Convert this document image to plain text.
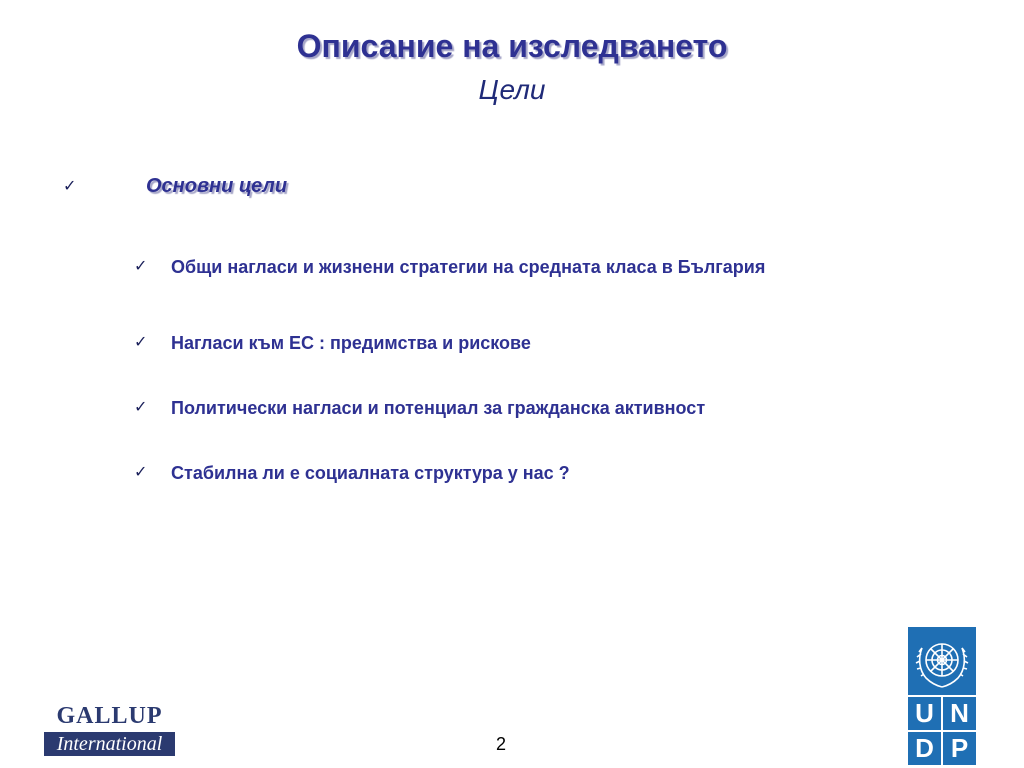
Описание на изследването
Цели
✓	Основни цели
✓ Общи нагласи и жизнени стратегии на средната класа в България
✓ Нагласи към ЕС : предимства и рискове
✓ Политически нагласи и потенциал за гражданска активност
✓ Стабилна ли е социалната структура у нас ?
GALLUP
International	2
U N
D P
